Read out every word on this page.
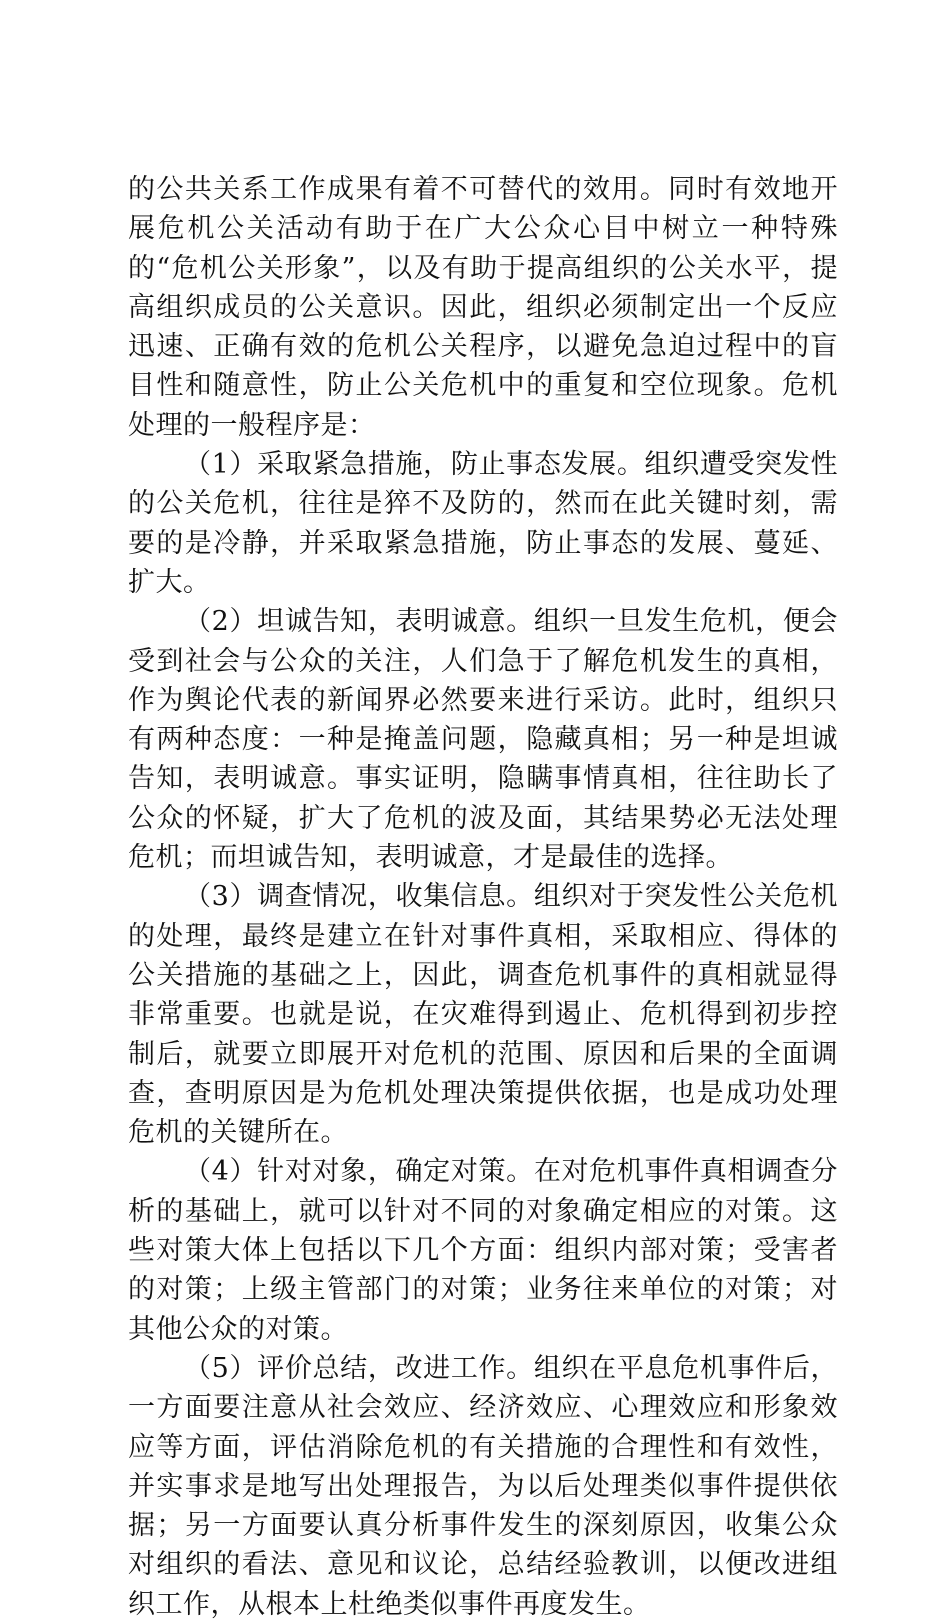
的公共关系工作成果有着不可替代的效用。同时有效地开展危机公关活动有助于在广大公众心目中树立一种特殊的“危机公关形象”，以及有助于提高组织的公关水平，提高组织成员的公关意识。因此，组织必须制定出一个反应迅速、正确有效的危机公关程序，以避免急迫过程中的盲目性和随意性，防止公关危机中的重复和空位现象。危机处理的一般程序是：

（1）采取紧急措施，防止事态发展。组织遭受突发性的公关危机，往往是猝不及防的，然而在此关键时刻，需要的是冷静，并采取紧急措施，防止事态的发展、蔓延、扩大。

（2）坦诚告知，表明诚意。组织一旦发生危机，便会受到社会与公众的关注，人们急于了解危机发生的真相，作为舆论代表的新闻界必然要来进行采访。此时，组织只有两种态度：一种是掩盖问题，隐藏真相；另一种是坦诚告知，表明诚意。事实证明，隐瞒事情真相，往往助长了公众的怀疑，扩大了危机的波及面，其结果势必无法处理危机；而坦诚告知，表明诚意，才是最佳的选择。

（3）调查情况，收集信息。组织对于突发性公关危机的处理，最终是建立在针对事件真相，采取相应、得体的公关措施的基础之上，因此，调查危机事件的真相就显得非常重要。也就是说，在灾难得到遏止、危机得到初步控制后，就要立即展开对危机的范围、原因和后果的全面调查，查明原因是为危机处理决策提供依据，也是成功处理危机的关键所在。

（4）针对对象，确定对策。在对危机事件真相调查分析的基础上，就可以针对不同的对象确定相应的对策。这些对策大体上包括以下几个方面：组织内部对策；受害者的对策；上级主管部门的对策；业务往来单位的对策；对其他公众的对策。

（5）评价总结，改进工作。组织在平息危机事件后，一方面要注意从社会效应、经济效应、心理效应和形象效应等方面，评估消除危机的有关措施的合理性和有效性，并实事求是地写出处理报告，为以后处理类似事件提供依据；另一方面要认真分析事件发生的深刻原因，收集公众对组织的看法、意见和议论，总结经验教训，以便改进组织工作，从根本上杜绝类似事件再度发生。
